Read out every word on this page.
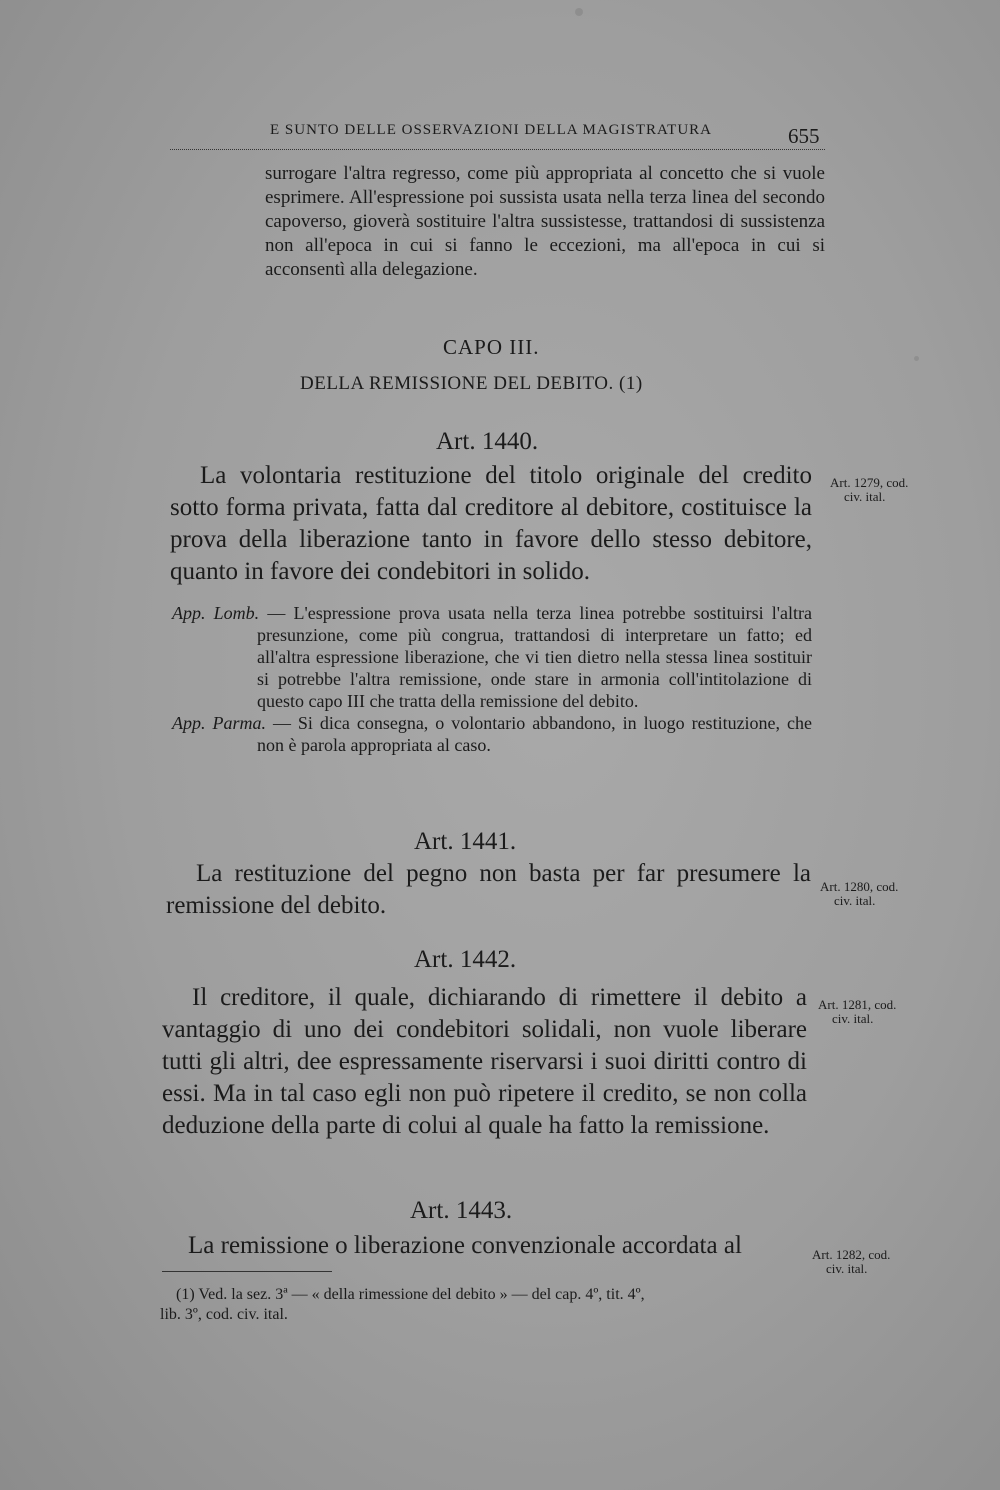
E SUNTO DELLE OSSERVAZIONI DELLA MAGISTRATURA	655

surrogare l'altra regresso, come più appropriata al concetto che si vuole esprimere. All'espressione poi sussista usata nella terza linea del secondo capoverso, gioverà sostituire l'altra sussistesse, trattandosi di sussistenza non all'epoca in cui si fanno le eccezioni, ma all'epoca in cui si acconsentì alla delegazione.

CAPO III.
DELLA REMISSIONE DEL DEBITO. (1)
Art. 1440.

La volontaria restituzione del titolo originale del credito sotto forma privata, fatta dal creditore al debitore, costituisce la prova della liberazione tanto in favore dello stesso debitore, quanto in favore dei condebitori in solido.

Art. 1279, cod.
civ. ital.

App. Lomb. — L'espressione prova usata nella terza linea potrebbe sostituirsi l'altra presunzione, come più congrua, trattandosi di interpretare un fatto; ed all'altra espressione liberazione, che vi tien dietro nella stessa linea sostituir si potrebbe l'altra remissione, onde stare in armonia coll'intitolazione di questo capo III che tratta della remissione del debito.

App. Parma. — Si dica consegna, o volontario abbandono, in luogo restituzione, che non è parola appropriata al caso.

Art. 1441.

La restituzione del pegno non basta per far presumere la remissione del debito.

Art. 1280, cod.
civ. ital.
Art. 1442.

Il creditore, il quale, dichiarando di rimettere il debito a vantaggio di uno dei condebitori solidali, non vuole liberare tutti gli altri, dee espressamente riservarsi i suoi diritti contro di essi. Ma in tal caso egli non può ripetere il credito, se non colla deduzione della parte di colui al quale ha fatto la remissione.

Art. 1281, cod.
civ. ital.
Art. 1443.

La remissione o liberazione convenzionale accordata al	Art. 1282, cod.
civ. ital.

(1) Ved. la sez. 3ª — « della rimessione del debito » — del cap. 4º, tit. 4º,

lib. 3º, cod. civ. ital.
